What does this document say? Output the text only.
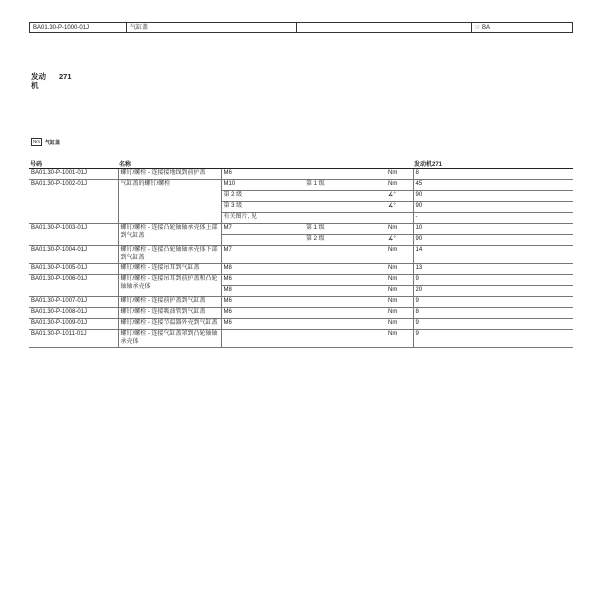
BA01.30-P-1000-01J	气缸盖	☞ BA
发动
机
271
Nm	气缸盖
号码	名称				发动机271
BA01.30-P-1001-01J	螺钉/螺栓 - 连接接地线到前护盖	M6		Nm	8
BA01.30-P-1002-01J	气缸盖的螺钉/螺栓	M10	第 1 级	Nm	45
		第 2 级		∡°	90
		第 3 级		∡°	90
		有关图片, 见			-
BA01.30-P-1003-01J	螺钉/螺栓 - 连接凸轮轴轴承壳体上部到气缸盖	M7	第 1 级	Nm	10
			第 2 级	∡°	90
BA01.30-P-1004-01J	螺钉/螺栓 - 连接凸轮轴轴承壳体下部到气缸盖	M7		Nm	14
BA01.30-P-1005-01J	螺钉/螺栓 - 连接吊耳到气缸盖	M8		Nm	13
BA01.30-P-1006-01J	螺钉/螺栓 - 连接吊耳到前护盖和凸轮轴轴承壳体	M6		Nm	9
		M8		Nm	20
BA01.30-P-1007-01J	螺钉/螺栓 - 连接前护盖到气缸盖	M6		Nm	9
BA01.30-P-1008-01J	螺钉/螺栓 - 连接吸油管到气缸盖	M6		Nm	8
BA01.30-P-1009-01J	螺钉/螺栓 - 连接节温器外壳到气缸盖	M6		Nm	9
BA01.30-P-1011-01J	螺钉/螺栓 - 连接气缸盖罩到凸轮轴轴承壳体			Nm	9
